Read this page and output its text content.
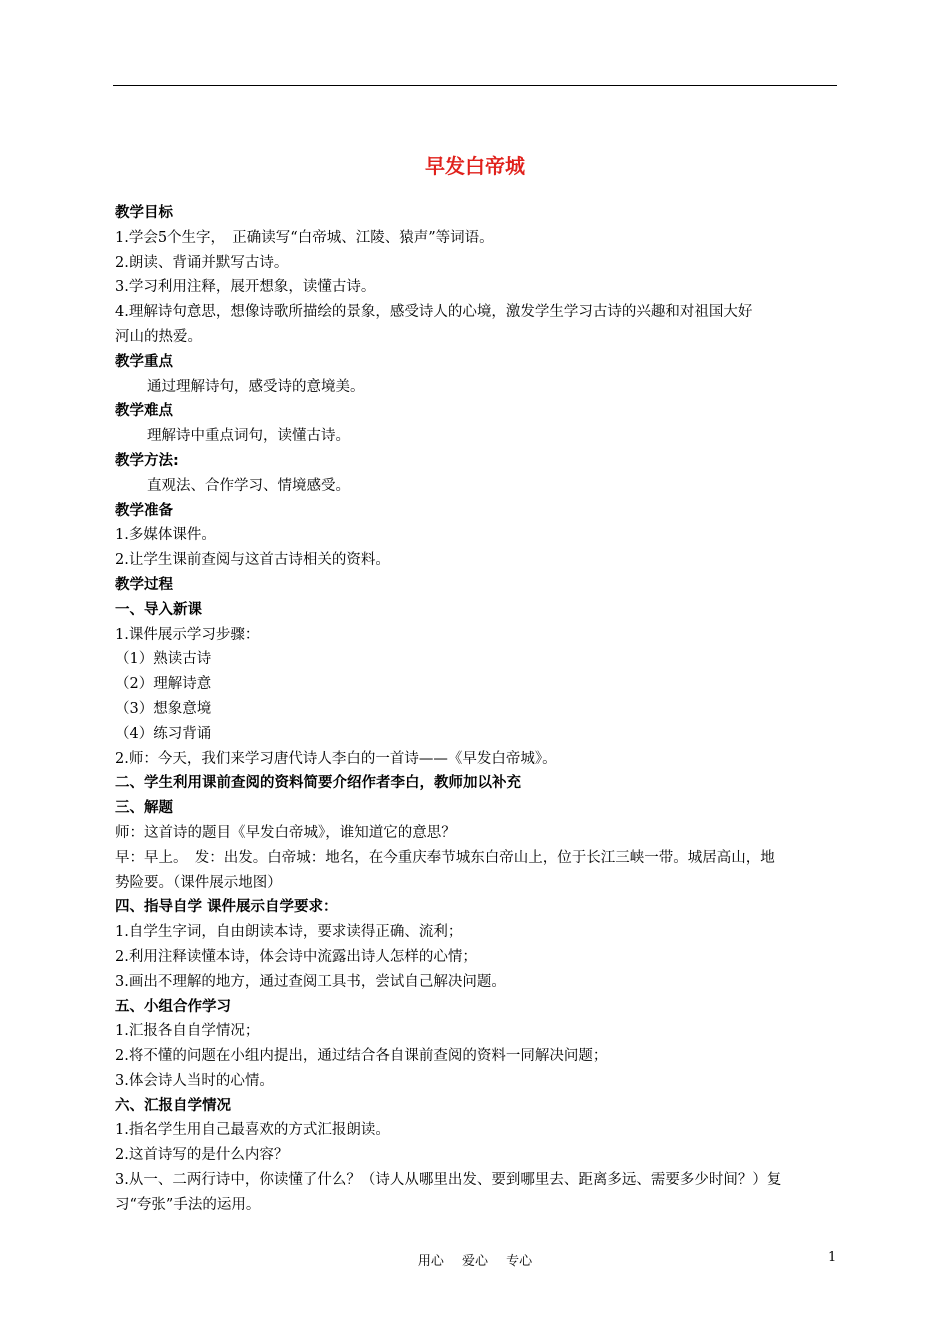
早发白帝城
教学目标
1.学会5个生字，　正确读写“白帝城、江陵、猿声”等词语。
2.朗读、背诵并默写古诗。
3.学习利用注释，展开想象，读懂古诗。
4.理解诗句意思，想像诗歌所描绘的景象，感受诗人的心境，激发学生学习古诗的兴趣和对祖国大好
河山的热爱。
教学重点
通过理解诗句，感受诗的意境美。
教学难点
理解诗中重点词句，读懂古诗。
教学方法:
直观法、合作学习、情境感受。
教学准备
1.多媒体课件。
2.让学生课前查阅与这首古诗相关的资料。
教学过程
一、导入新课
1.课件展示学习步骤：
（1）熟读古诗
（2）理解诗意
（3）想象意境
（4）练习背诵
2.师：今天，我们来学习唐代诗人李白的一首诗——《早发白帝城》。
二、学生利用课前查阅的资料简要介绍作者李白，教师加以补充
三、解题
师：这首诗的题目《早发白帝城》，谁知道它的意思？
早：早上。　发：出发。白帝城：地名，在今重庆奉节城东白帝山上，位于长江三峡一带。城居高山，地
势险要。（课件展示地图）
四、指导自学 课件展示自学要求：
1.自学生字词，自由朗读本诗，要求读得正确、流利；
2.利用注释读懂本诗，体会诗中流露出诗人怎样的心情；
3.画出不理解的地方，通过查阅工具书，尝试自己解决问题。
五、小组合作学习
1.汇报各自自学情况；
2.将不懂的问题在小组内提出，通过结合各自课前查阅的资料一同解决问题；
3.体会诗人当时的心情。
六、汇报自学情况
1.指名学生用自己最喜欢的方式汇报朗读。
2.这首诗写的是什么内容？
3.从一、二两行诗中，你读懂了什么？（诗人从哪里出发、要到哪里去、距离多远、需要多少时间？）复
习“夸张”手法的运用。
用心 爱心 专心	1
